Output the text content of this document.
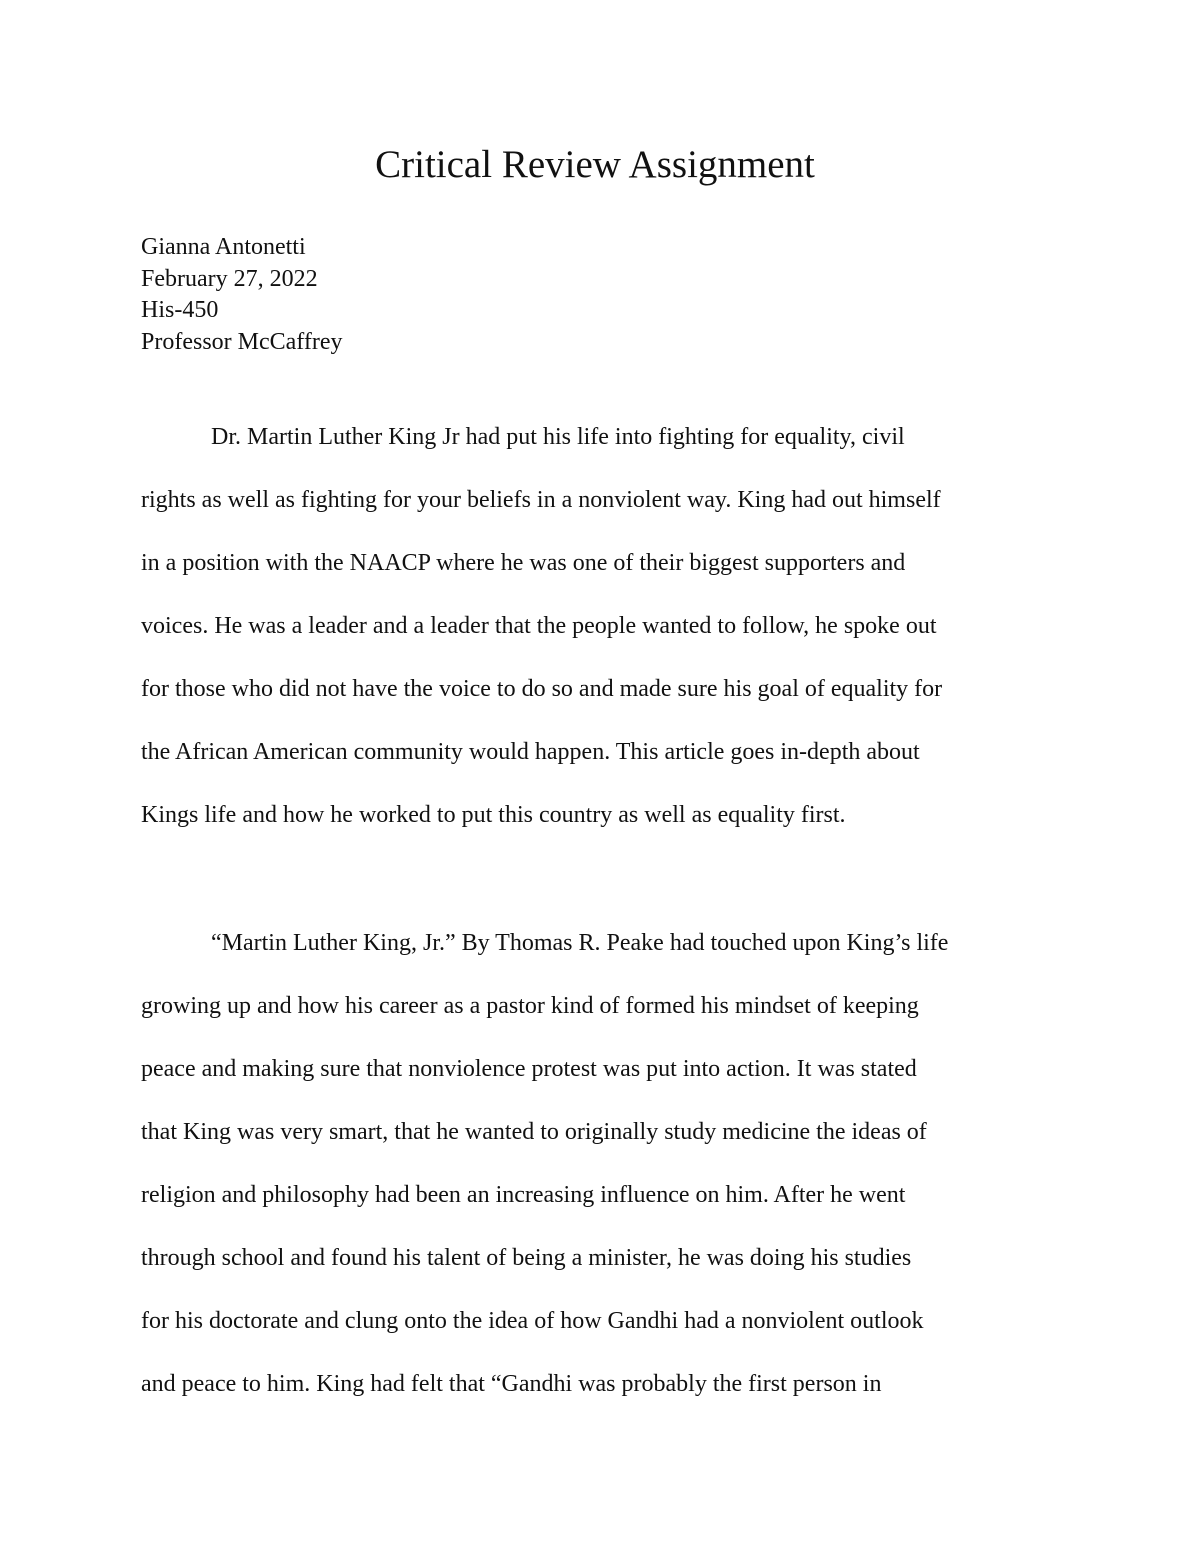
Critical Review Assignment
Gianna Antonetti
February 27, 2022
His-450
Professor McCaffrey
Dr. Martin Luther King Jr had put his life into fighting for equality, civil
rights as well as fighting for your beliefs in a nonviolent way. King had out himself
in a position with the NAACP where he was one of their biggest supporters and
voices. He was a leader and a leader that the people wanted to follow, he spoke out
for those who did not have the voice to do so and made sure his goal of equality for
the African American community would happen. This article goes in-depth about
Kings life and how he worked to put this country as well as equality first.
“Martin Luther King, Jr.” By Thomas R. Peake had touched upon King’s life
growing up and how his career as a pastor kind of formed his mindset of keeping
peace and making sure that nonviolence protest was put into action. It was stated
that King was very smart, that he wanted to originally study medicine the ideas of
religion and philosophy had been an increasing influence on him. After he went
through school and found his talent of being a minister, he was doing his studies
for his doctorate and clung onto the idea of how Gandhi had a nonviolent outlook
and peace to him. King had felt that “Gandhi was probably the first person in
